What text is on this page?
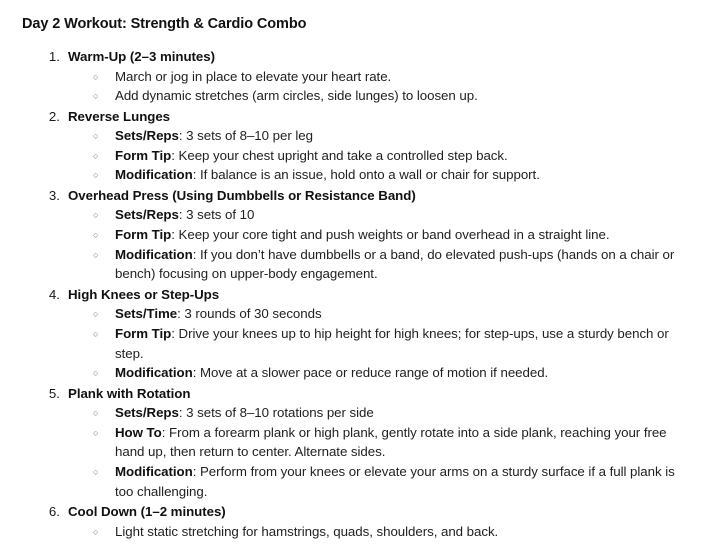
Day 2 Workout: Strength & Cardio Combo
1. Warm-Up (2–3 minutes)
○ March or jog in place to elevate your heart rate.
○ Add dynamic stretches (arm circles, side lunges) to loosen up.
2. Reverse Lunges
○ Sets/Reps: 3 sets of 8–10 per leg
○ Form Tip: Keep your chest upright and take a controlled step back.
○ Modification: If balance is an issue, hold onto a wall or chair for support.
3. Overhead Press (Using Dumbbells or Resistance Band)
○ Sets/Reps: 3 sets of 10
○ Form Tip: Keep your core tight and push weights or band overhead in a straight line.
○ Modification: If you don’t have dumbbells or a band, do elevated push-ups (hands on a chair or bench) focusing on upper-body engagement.
4. High Knees or Step-Ups
○ Sets/Time: 3 rounds of 30 seconds
○ Form Tip: Drive your knees up to hip height for high knees; for step-ups, use a sturdy bench or step.
○ Modification: Move at a slower pace or reduce range of motion if needed.
5. Plank with Rotation
○ Sets/Reps: 3 sets of 8–10 rotations per side
○ How To: From a forearm plank or high plank, gently rotate into a side plank, reaching your free hand up, then return to center. Alternate sides.
○ Modification: Perform from your knees or elevate your arms on a sturdy surface if a full plank is too challenging.
6. Cool Down (1–2 minutes)
○ Light static stretching for hamstrings, quads, shoulders, and back.
